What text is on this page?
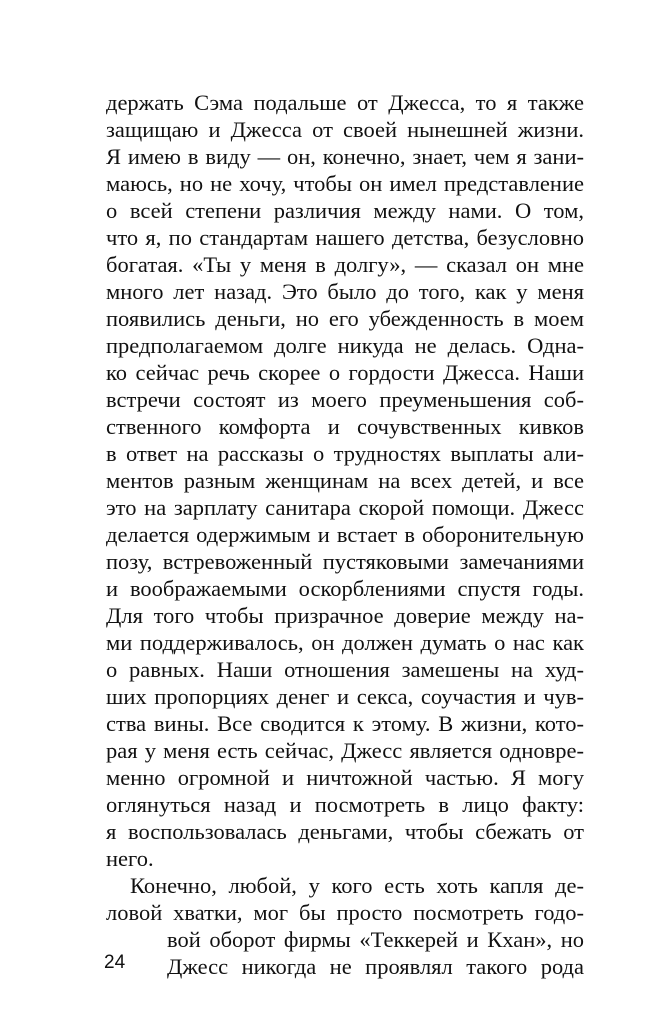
держать Сэма подальше от Джесса, то я также
защищаю и Джесса от своей нынешней жизни.
Я имею в виду — он, конечно, знает, чем я зани-
маюсь, но не хочу, чтобы он имел представление
о всей степени различия между нами. О том,
что я, по стандартам нашего детства, безусловно
богатая. «Ты у меня в долгу», — сказал он мне
много лет назад. Это было до того, как у меня
появились деньги, но его убежденность в моем
предполагаемом долге никуда не делась. Одна-
ко сейчас речь скорее о гордости Джесса. Наши
встречи состоят из моего преуменьшения соб-
ственного комфорта и сочувственных кивков
в ответ на рассказы о трудностях выплаты али-
ментов разным женщинам на всех детей, и все
это на зарплату санитара скорой помощи. Джесс
делается одержимым и встает в оборонительную
позу, встревоженный пустяковыми замечаниями
и воображаемыми оскорблениями спустя годы.
Для того чтобы призрачное доверие между на-
ми поддерживалось, он должен думать о нас как
о равных. Наши отношения замешены на худ-
ших пропорциях денег и секса, соучастия и чув-
ства вины. Все сводится к этому. В жизни, кото-
рая у меня есть сейчас, Джесс является одновре-
менно огромной и ничтожной частью. Я могу
оглянуться назад и посмотреть в лицо факту:
я воспользовалась деньгами, чтобы сбежать от
него.
Конечно, любой, у кого есть хоть капля де-
ловой хватки, мог бы просто посмотреть годо-
вой оборот фирмы «Теккерей и Кхан», но
Джесс никогда не проявлял такого рода
24
